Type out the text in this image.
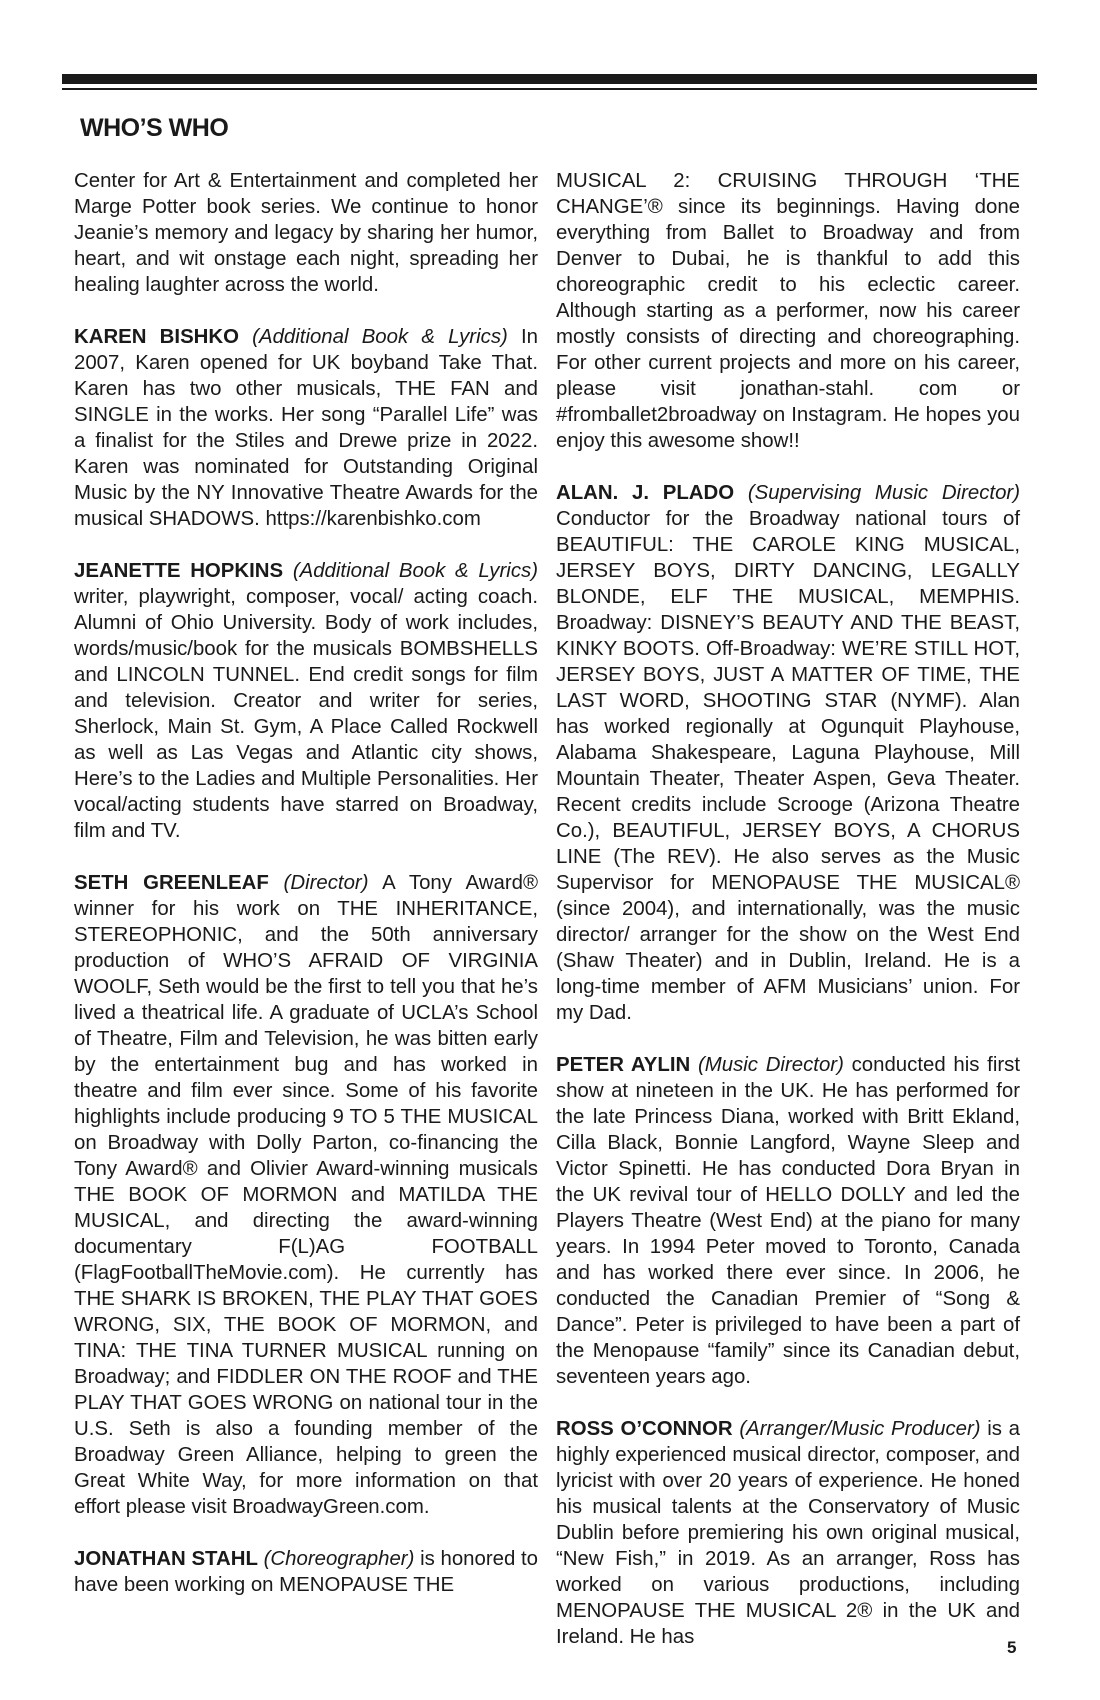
WHO’S WHO

Center for Art & Entertainment and completed her Marge Potter book series. We continue to honor Jeanie’s memory and legacy by sharing her humor, heart, and wit onstage each night, spreading her healing laughter across the world.

KAREN BISHKO (Additional Book & Lyrics) In 2007, Karen opened for UK boyband Take That. Karen has two other musicals, THE FAN and SINGLE in the works. Her song “Parallel Life” was a finalist for the Stiles and Drewe prize in 2022. Karen was nominated for Outstanding Original Music by the NY Innovative Theatre Awards for the musical SHADOWS. https://karenbishko.com

JEANETTE HOPKINS (Additional Book & Lyrics) writer, playwright, composer, vocal/ acting coach. Alumni of Ohio University. Body of work includes, words/music/book for the musicals BOMBSHELLS and LINCOLN TUNNEL. End credit songs for film and television. Creator and writer for series, Sherlock, Main St. Gym, A Place Called Rockwell as well as Las Vegas and Atlantic city shows, Here’s to the Ladies and Multiple Personalities. Her vocal/acting students have starred on Broadway, film and TV.

SETH GREENLEAF (Director) A Tony Award® winner for his work on THE INHERITANCE, STEREOPHONIC, and the 50th anniversary production of WHO’S AFRAID OF VIRGINIA WOOLF, Seth would be the first to tell you that he’s lived a theatrical life. A graduate of UCLA’s School of Theatre, Film and Television, he was bitten early by the entertainment bug and has worked in theatre and film ever since. Some of his favorite highlights include producing 9 TO 5 THE MUSICAL on Broadway with Dolly Parton, co-financing the Tony Award® and Olivier Award-winning musicals THE BOOK OF MORMON and MATILDA THE MUSICAL, and directing the award-winning documentary F(L)AG FOOTBALL (FlagFootballTheMovie.com). He currently has THE SHARK IS BROKEN, THE PLAY THAT GOES WRONG, SIX, THE BOOK OF MORMON, and TINA: THE TINA TURNER MUSICAL running on Broadway; and FIDDLER ON THE ROOF and THE PLAY THAT GOES WRONG on national tour in the U.S. Seth is also a founding member of the Broadway Green Alliance, helping to green the Great White Way, for more information on that effort please visit BroadwayGreen.com.

JONATHAN STAHL (Choreographer) is honored to have been working on MENOPAUSE THE

MUSICAL 2: CRUISING THROUGH ‘THE CHANGE’® since its beginnings. Having done everything from Ballet to Broadway and from Denver to Dubai, he is thankful to add this choreographic credit to his eclectic career. Although starting as a performer, now his career mostly consists of directing and choreographing. For other current projects and more on his career, please visit jonathan-stahl. com or #fromballet2broadway on Instagram. He hopes you enjoy this awesome show!!

ALAN. J. PLADO (Supervising Music Director) Conductor for the Broadway national tours of BEAUTIFUL: THE CAROLE KING MUSICAL, JERSEY BOYS, DIRTY DANCING, LEGALLY BLONDE, ELF THE MUSICAL, MEMPHIS. Broadway: DISNEY’S BEAUTY AND THE BEAST, KINKY BOOTS. Off-Broadway: WE’RE STILL HOT, JERSEY BOYS, JUST A MATTER OF TIME, THE LAST WORD, SHOOTING STAR (NYMF). Alan has worked regionally at Ogunquit Playhouse, Alabama Shakespeare, Laguna Playhouse, Mill Mountain Theater, Theater Aspen, Geva Theater. Recent credits include Scrooge (Arizona Theatre Co.), BEAUTIFUL, JERSEY BOYS, A CHORUS LINE (The REV). He also serves as the Music Supervisor for MENOPAUSE THE MUSICAL® (since 2004), and internationally, was the music director/ arranger for the show on the West End (Shaw Theater) and in Dublin, Ireland. He is a long-time member of AFM Musicians’ union. For my Dad.

PETER AYLIN (Music Director) conducted his first show at nineteen in the UK. He has performed for the late Princess Diana, worked with Britt Ekland, Cilla Black, Bonnie Langford, Wayne Sleep and Victor Spinetti. He has conducted Dora Bryan in the UK revival tour of HELLO DOLLY and led the Players Theatre (West End) at the piano for many years. In 1994 Peter moved to Toronto, Canada and has worked there ever since. In 2006, he conducted the Canadian Premier of “Song & Dance”. Peter is privileged to have been a part of the Menopause “family” since its Canadian debut, seventeen years ago.

ROSS O’CONNOR (Arranger/Music Producer) is a highly experienced musical director, composer, and lyricist with over 20 years of experience. He honed his musical talents at the Conservatory of Music Dublin before premiering his own original musical, “New Fish,” in 2019. As an arranger, Ross has worked on various productions, including MENOPAUSE THE MUSICAL 2® in the UK and Ireland. He has	5
